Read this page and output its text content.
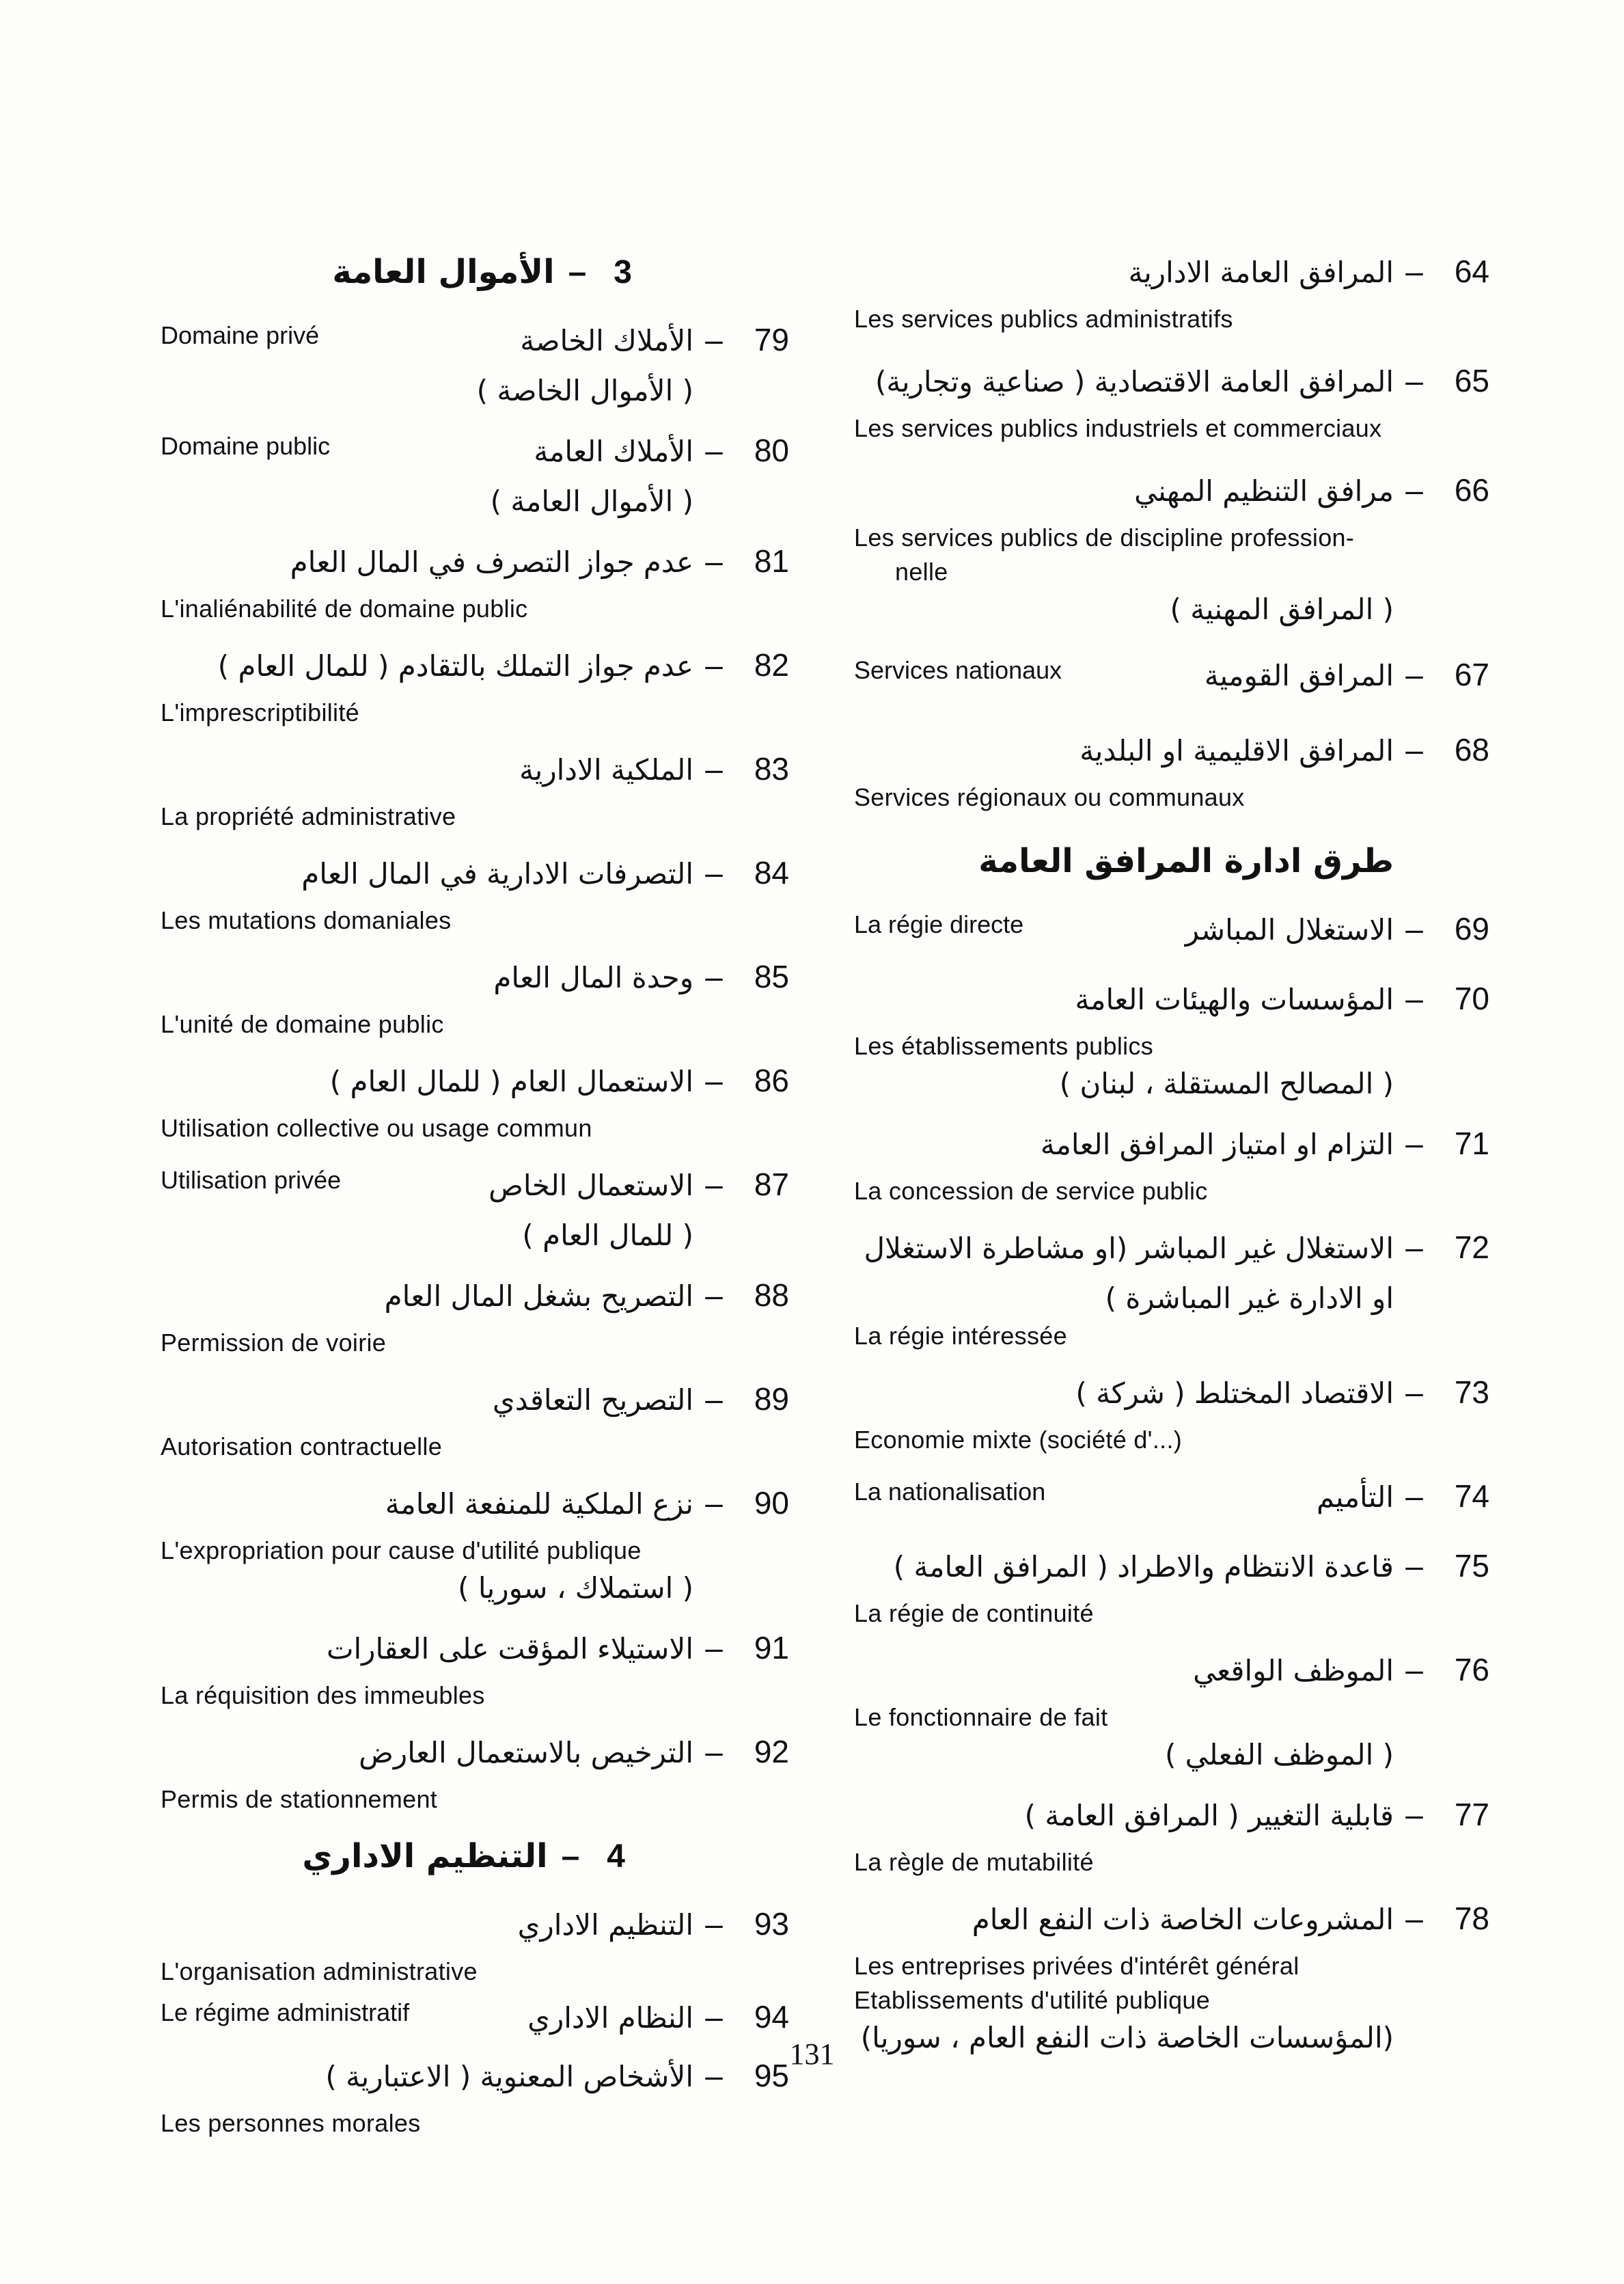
64
–
المرافق العامة الادارية
Les services publics administratifs
65
–
المرافق العامة الاقتصادية ( صناعية وتجارية)
Les services publics industriels et commerciaux
66
–
مرافق التنظيم المهني
Les services publics de discipline profession-
nelle
( المرافق المهنية )
67
–
المرافق القومية
Services nationaux
68
–
المرافق الاقليمية او البلدية
Services régionaux ou communaux
طرق ادارة المرافق العامة
69
–
الاستغلال المباشر
La régie directe
70
–
المؤسسات والهيئات العامة
Les établissements publics
( المصالح المستقلة ، لبنان )
71
–
التزام او امتياز المرافق العامة
La concession de service public
72
–
الاستغلال غير المباشر (او مشاطرة الاستغلال
او الادارة غير المباشرة )
La régie intéressée
73
–
الاقتصاد المختلط ( شركة )
Economie mixte (société d'...)
74
–
التأميم
La nationalisation
75
–
قاعدة الانتظام والاطراد ( المرافق العامة )
La régie de continuité
76
–
الموظف الواقعي
Le fonctionnaire de fait
( الموظف الفعلي )
77
–
قابلية التغيير ( المرافق العامة )
La règle de mutabilité
78
–
المشروعات الخاصة ذات النفع العام
Les entreprises privées d'intérêt général
Etablissements d'utilité publique
(المؤسسات الخاصة ذات النفع العام ، سوريا)
3
–
الأموال العامة
79
–
الأملاك الخاصة
Domaine privé
( الأموال الخاصة )
80
–
الأملاك العامة
Domaine public
( الأموال العامة )
81
–
عدم جواز التصرف في المال العام
L'inaliénabilité de domaine public
82
–
عدم جواز التملك بالتقادم ( للمال العام )
L'imprescriptibilité
83
–
الملكية الادارية
La propriété administrative
84
–
التصرفات الادارية في المال العام
Les mutations domaniales
85
–
وحدة المال العام
L'unité de domaine public
86
–
الاستعمال العام ( للمال العام )
Utilisation collective ou usage commun
87
–
الاستعمال الخاص
Utilisation privée
( للمال العام )
88
–
التصريح بشغل المال العام
Permission de voirie
89
–
التصريح التعاقدي
Autorisation contractuelle
90
–
نزع الملكية للمنفعة العامة
L'expropriation pour cause d'utilité publique
( استملاك ، سوريا )
91
–
الاستيلاء المؤقت على العقارات
La réquisition des immeubles
92
–
الترخيص بالاستعمال العارض
Permis de stationnement
4
–
التنظيم الاداري
93
–
التنظيم الاداري
L'organisation administrative
94
–
النظام الاداري
Le régime administratif
95
–
الأشخاص المعنوية ( الاعتبارية )
Les personnes morales
131
